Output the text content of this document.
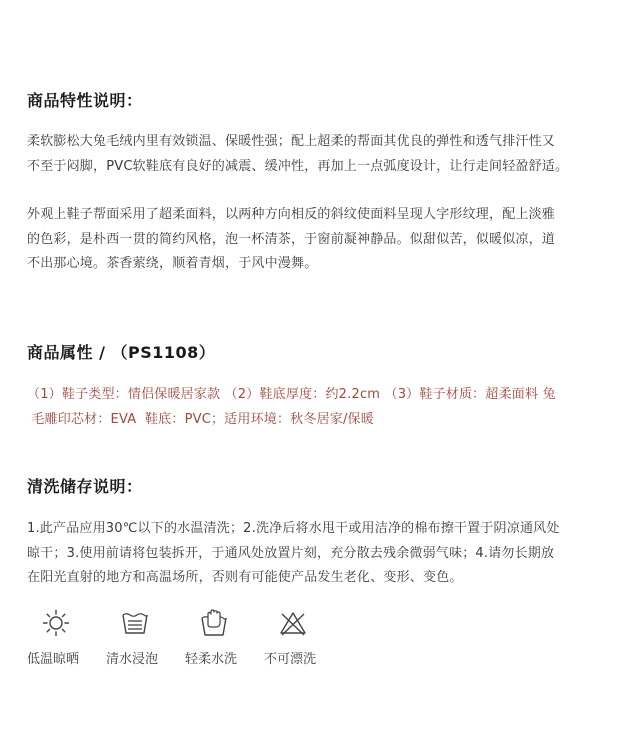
商品特性说明：
柔软膨松大兔毛绒内里有效锁温、保暖性强；配上超柔的帮面其优良的弹性和透气排汗性又
不至于闷脚，PVC软鞋底有良好的减震、缓冲性，再加上一点弧度设计，让行走间轻盈舒适。
外观上鞋子帮面采用了超柔面料，以两种方向相反的斜纹使面料呈现人字形纹理，配上淡雅
的色彩，是朴西一贯的简约风格，泡一杯清茶，于窗前凝神静品。似甜似苦，似暖似凉，道
不出那心境。茶香萦绕，顺着青烟，于风中漫舞。
商品属性 / （PS1108）
（1）鞋子类型：情侣保暖居家款 （2）鞋底厚度：约2.2cm （3）鞋子材质：超柔面料 兔
毛雕印芯材：EVA  鞋底：PVC；适用环境：秋冬居家/保暖
清洗储存说明：
1.此产品应用30℃以下的水温清洗；2.洗净后将水甩干或用洁净的棉布擦干置于阴凉通风处
晾干；3.使用前请将包装拆开，于通风处放置片刻，充分散去残余微弱气味；4.请勿长期放
在阳光直射的地方和高温场所，否则有可能使产品发生老化、变形、变色。
低温晾晒 清水浸泡 轻柔水洗 不可漂洗
